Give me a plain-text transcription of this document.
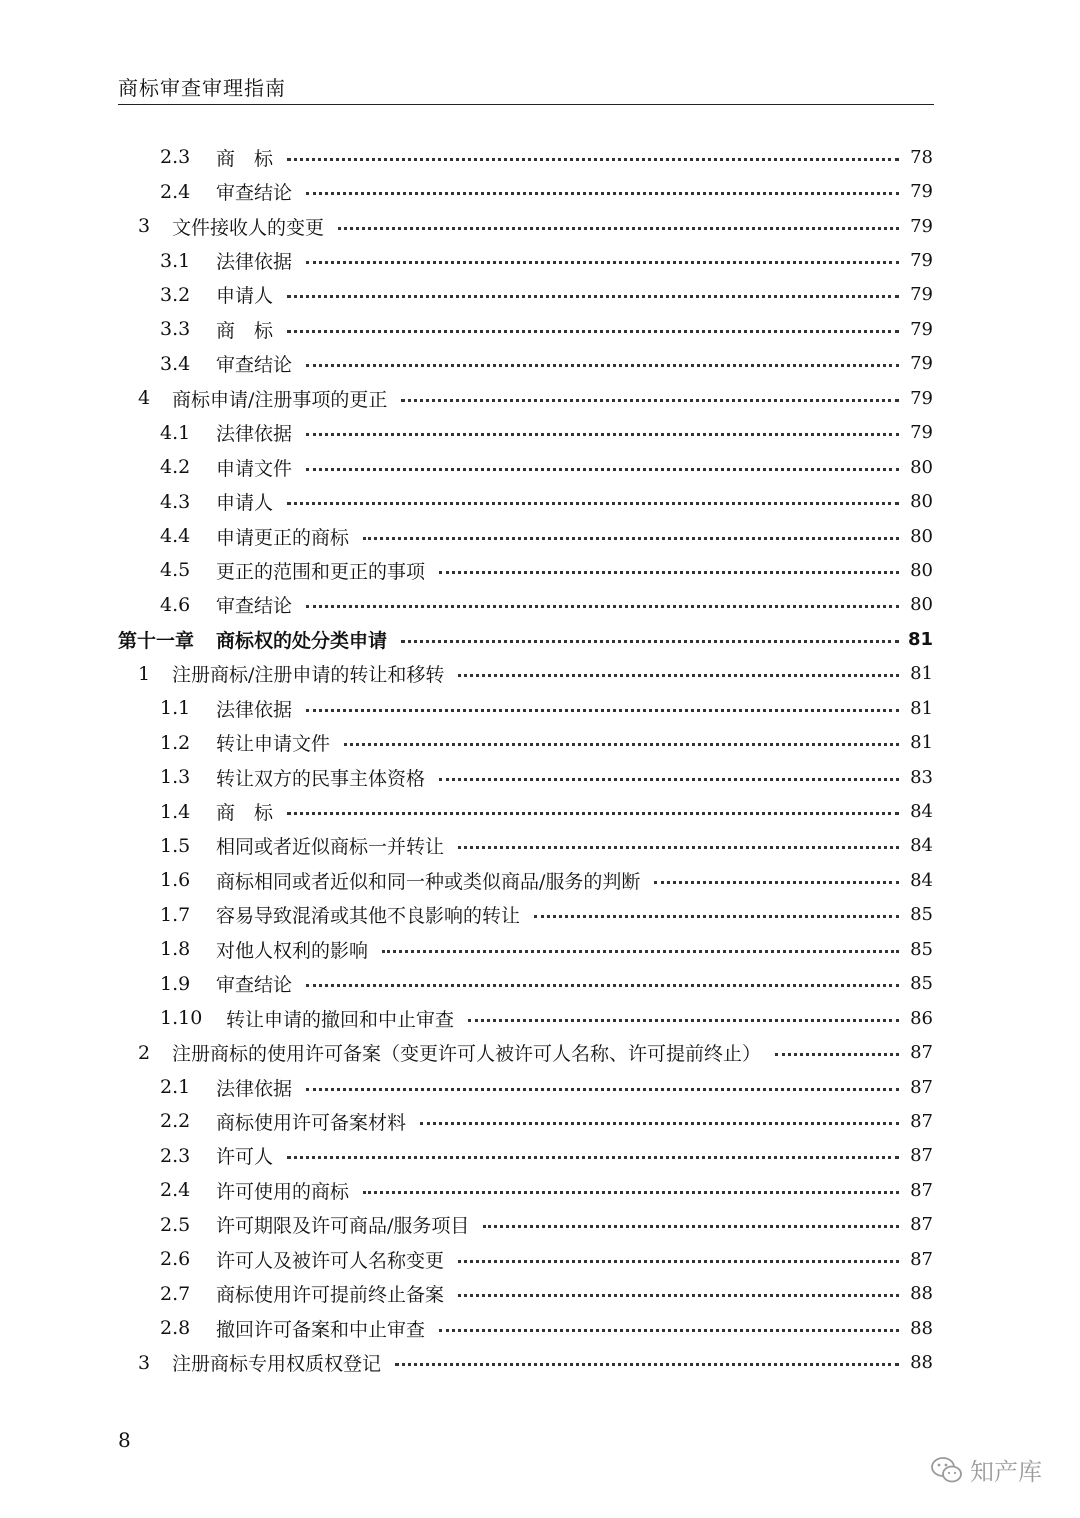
商标审查审理指南
2.3	商　标	78
2.4	审查结论	79
3	文件接收人的变更	79
3.1	法律依据	79
3.2	申请人	79
3.3	商　标	79
3.4	审查结论	79
4	商标申请/注册事项的更正	79
4.1	法律依据	79
4.2	申请文件	80
4.3	申请人	80
4.4	申请更正的商标	80
4.5	更正的范围和更正的事项	80
4.6	审查结论	80
第十一章 商标权的处分类申请	81
1	注册商标/注册申请的转让和移转	81
1.1	法律依据	81
1.2	转让申请文件	81
1.3	转让双方的民事主体资格	83
1.4	商　标	84
1.5	相同或者近似商标一并转让	84
1.6	商标相同或者近似和同一种或类似商品/服务的判断	84
1.7	容易导致混淆或其他不良影响的转让	85
1.8	对他人权利的影响	85
1.9	审查结论	85
1.10	转让申请的撤回和中止审查	86
2	注册商标的使用许可备案（变更许可人被许可人名称、许可提前终止）	87
2.1	法律依据	87
2.2	商标使用许可备案材料	87
2.3	许可人	87
2.4	许可使用的商标	87
2.5	许可期限及许可商品/服务项目	87
2.6	许可人及被许可人名称变更	87
2.7	商标使用许可提前终止备案	88
2.8	撤回许可备案和中止审查	88
3	注册商标专用权质权登记	88
8
知产库
